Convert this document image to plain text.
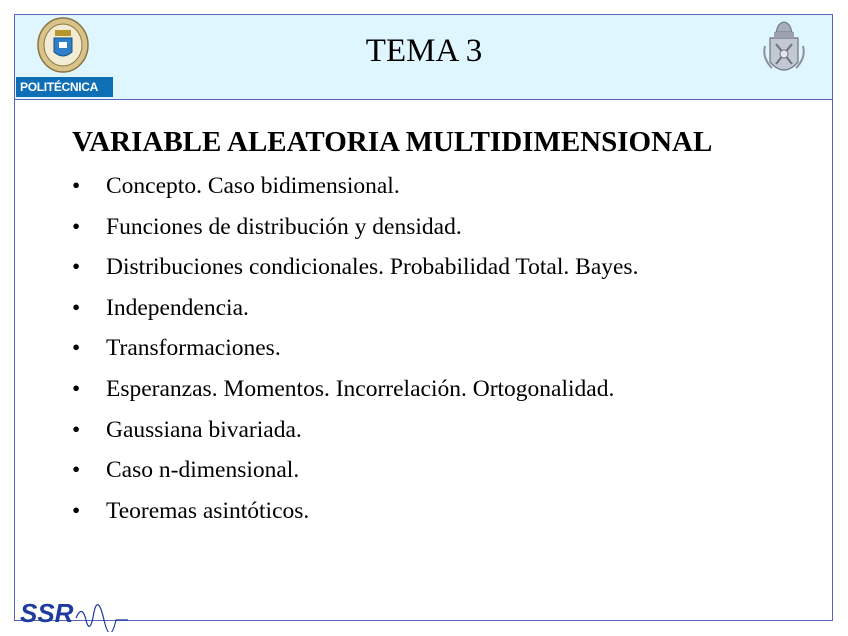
POLITÉCNICA
TEMA 3
VARIABLE ALEATORIA MULTIDIMENSIONAL
•	Concepto. Caso bidimensional.
•	Funciones de distribución y densidad.
•	Distribuciones condicionales. Probabilidad Total. Bayes.
•	Independencia.
•	Transformaciones.
•	Esperanzas. Momentos. Incorrelación. Ortogonalidad.
•	Gaussiana bivariada.
•	Caso n-dimensional.
•	Teoremas asintóticos.
SSR
